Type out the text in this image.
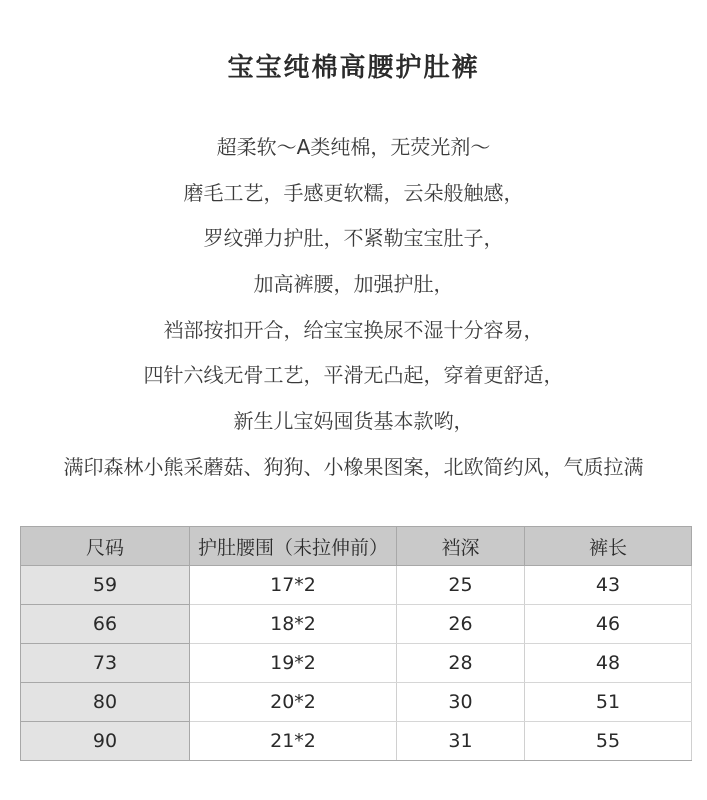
宝宝纯棉高腰护肚裤
超柔软～A类纯棉，无荧光剂～
磨毛工艺，手感更软糯，云朵般触感，
罗纹弹力护肚，不紧勒宝宝肚子，
加高裤腰，加强护肚，
裆部按扣开合，给宝宝换尿不湿十分容易，
四针六线无骨工艺，平滑无凸起，穿着更舒适，
新生儿宝妈囤货基本款哟，
满印森林小熊采蘑菇、狗狗、小橡果图案，北欧简约风，气质拉满
尺码	护肚腰围（未拉伸前）	裆深	裤长
59	17*2	25	43
66	18*2	26	46
73	19*2	28	48
80	20*2	30	51
90	21*2	31	55
